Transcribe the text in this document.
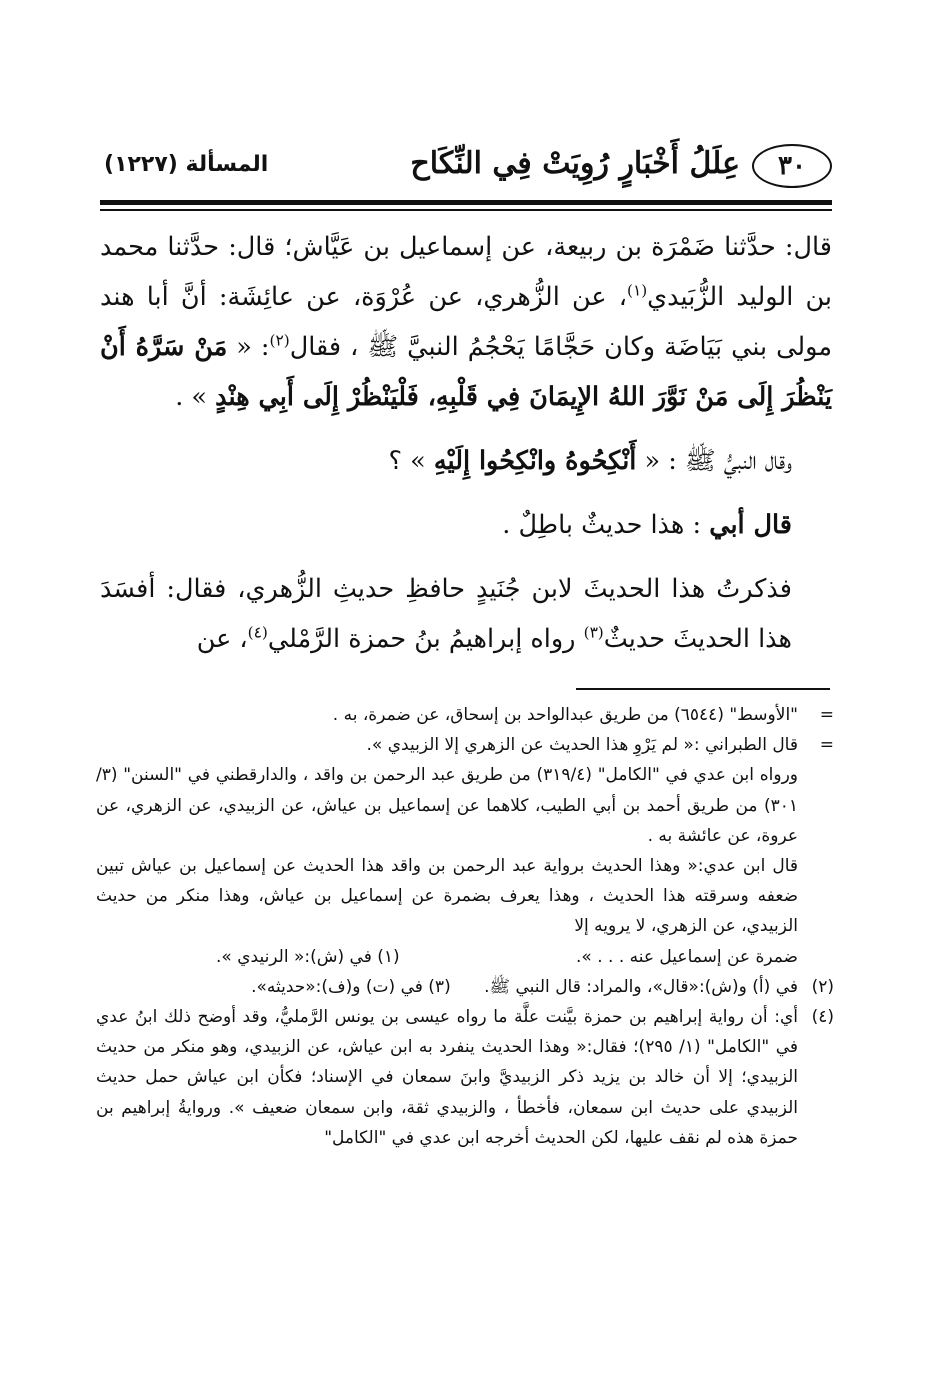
٣٠
عِلَلُ أَخْبَارٍ رُوِيَتْ فِي النِّكَاح
المسألة (١٢٢٧)

قال: حدَّثنا ضَمْرَة بن ربيعة، عن إسماعيل بن عَيَّاش؛ قال: حدَّثنا محمد بن الوليد الزُّبَيدي$^{(١)}$، عن الزُّهري، عن عُرْوَة، عن عائِشَة: أنَّ أبا هند مولى بني بَيَاضَة وكان حَجَّامًا يَحْجُمُ النبيَّ ﷺ ، فقال$^{(٢)}$: « مَنْ سَرَّهُ أَنْ يَنْظُرَ إِلَى مَنْ نَوَّرَ اللهُ الإِيمَانَ فِي قَلْبِهِ، فَلْيَنْظُرْ إِلَى أَبِي هِنْدٍ » .

وقال النبيُّ ﷺ : « أَنْكِحُوهُ وانْكِحُوا إِلَيْهِ » ؟

قال أبي : هذا حديثٌ باطِلٌ .

فذكرتُ هذا الحديثَ لابن جُنَيدٍ حافظِ حديثِ الزُّهري، فقال: أفسَدَ هذا الحديثَ حديثٌ$^{(٣)}$ رواه إبراهيمُ بنُ حمزة الرَّمْلي$^{(٤)}$، عن

=

"الأوسط" (٦٥٤٤) من طريق عبدالواحد بن إسحاق، عن ضمرة، به .

=

قال الطبراني :« لم يَرْوِ هذا الحديث عن الزهري إلا الزبيدي ».

ورواه ابن عدي في "الكامل" (٣١٩/٤) من طريق عبد الرحمن بن واقد ، والدارقطني في "السنن" (٣/ ٣٠١) من طريق أحمد بن أبي الطيب، كلاهما عن إسماعيل بن عياش، عن الزبيدي، عن الزهري، عن عروة، عن عائشة به .

قال ابن عدي:« وهذا الحديث برواية عبد الرحمن بن واقد هذا الحديث عن إسماعيل بن عياش تبين ضعفه وسرقته هذا الحديث ، وهذا يعرف بضمرة عن إسماعيل بن عياش، وهذا منكر من حديث الزبيدي، عن الزهري، لا يرويه إلا

ضمرة عن إسماعيل عنه . . . ».
(١) في (ش):« الرنيدي ».
(٢)

في (أ) و(ش):«قال»، والمراد: قال النبي ﷺ. (٣) في (ت) و(ف):«حديثه».

(٤)

أي: أن رواية إبراهيم بن حمزة بيَّنت علَّة ما رواه عيسى بن يونس الرَّمليُّ، وقد أوضح ذلك ابنُ عدي في "الكامل" (١/ ٢٩٥)؛ فقال:« وهذا الحديث ينفرد به ابن عياش، عن الزبيدي، وهو منكر من حديث الزبيدي؛ إلا أن خالد بن يزيد ذكر الزبيديَّ وابنَ سمعان في الإسناد؛ فكأن ابن عياش حمل حديث الزبيدي على حديث ابن سمعان، فأخطأ ، والزبيدي ثقة، وابن سمعان ضعيف ». وروايةُ إبراهيم بن حمزة هذه لم نقف عليها، لكن الحديث أخرجه ابن عدي في "الكامل"
